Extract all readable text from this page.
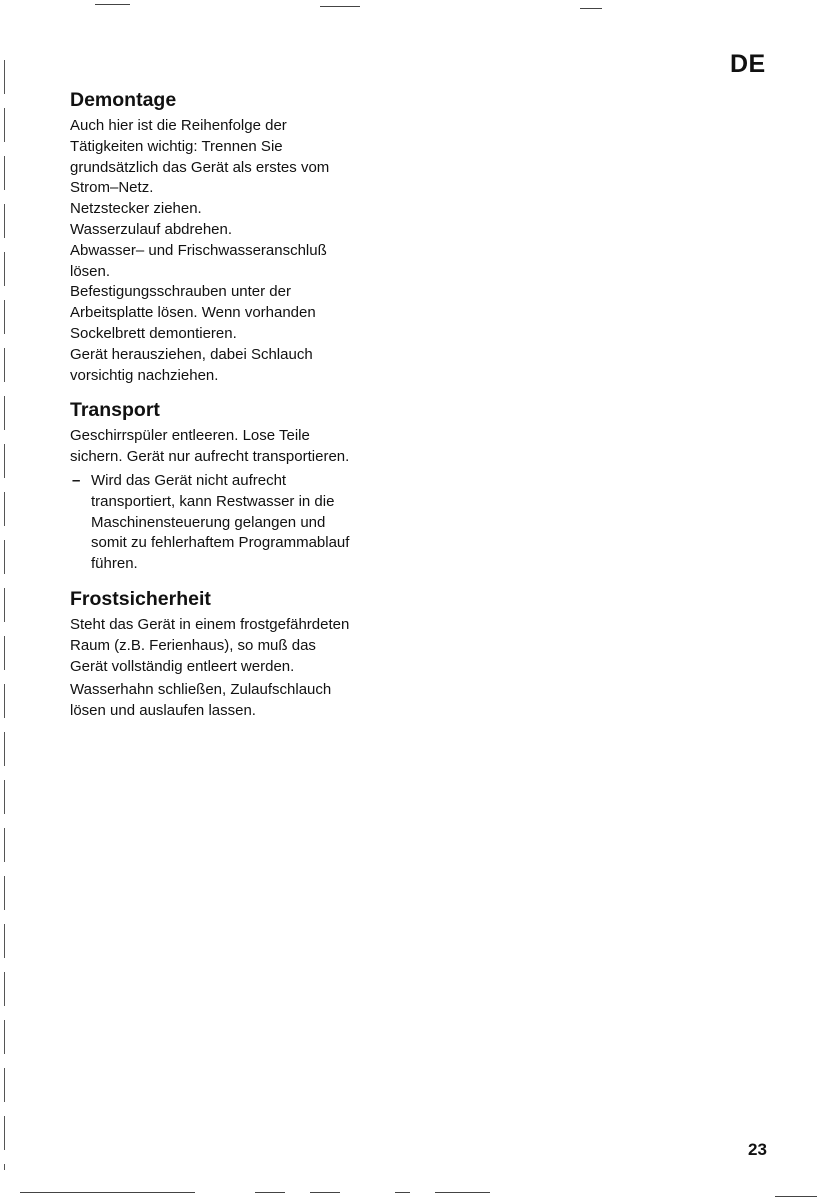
DE
Demontage

Auch hier ist die Reihenfolge der
Tätigkeiten wichtig: Trennen Sie
grundsätzlich das Gerät als erstes vom
Strom–Netz.
Netzstecker ziehen.
Wasserzulauf abdrehen.
Abwasser– und Frischwasseranschluß
lösen.
Befestigungsschrauben unter der
Arbeitsplatte lösen. Wenn vorhanden
Sockelbrett demontieren.
Gerät herausziehen, dabei Schlauch
vorsichtig nachziehen.

Transport

Geschirrspüler entleeren. Lose Teile
sichern. Gerät nur aufrecht transportieren.

– Wird das Gerät nicht aufrecht
transportiert, kann Restwasser in die
Maschinensteuerung gelangen und
somit zu fehlerhaftem Programmablauf
führen.
Frostsicherheit

Steht das Gerät in einem frostgefährdeten
Raum (z.B. Ferienhaus), so muß das
Gerät vollständig entleert werden.

Wasserhahn schließen, Zulaufschlauch
lösen und auslaufen lassen.

23
